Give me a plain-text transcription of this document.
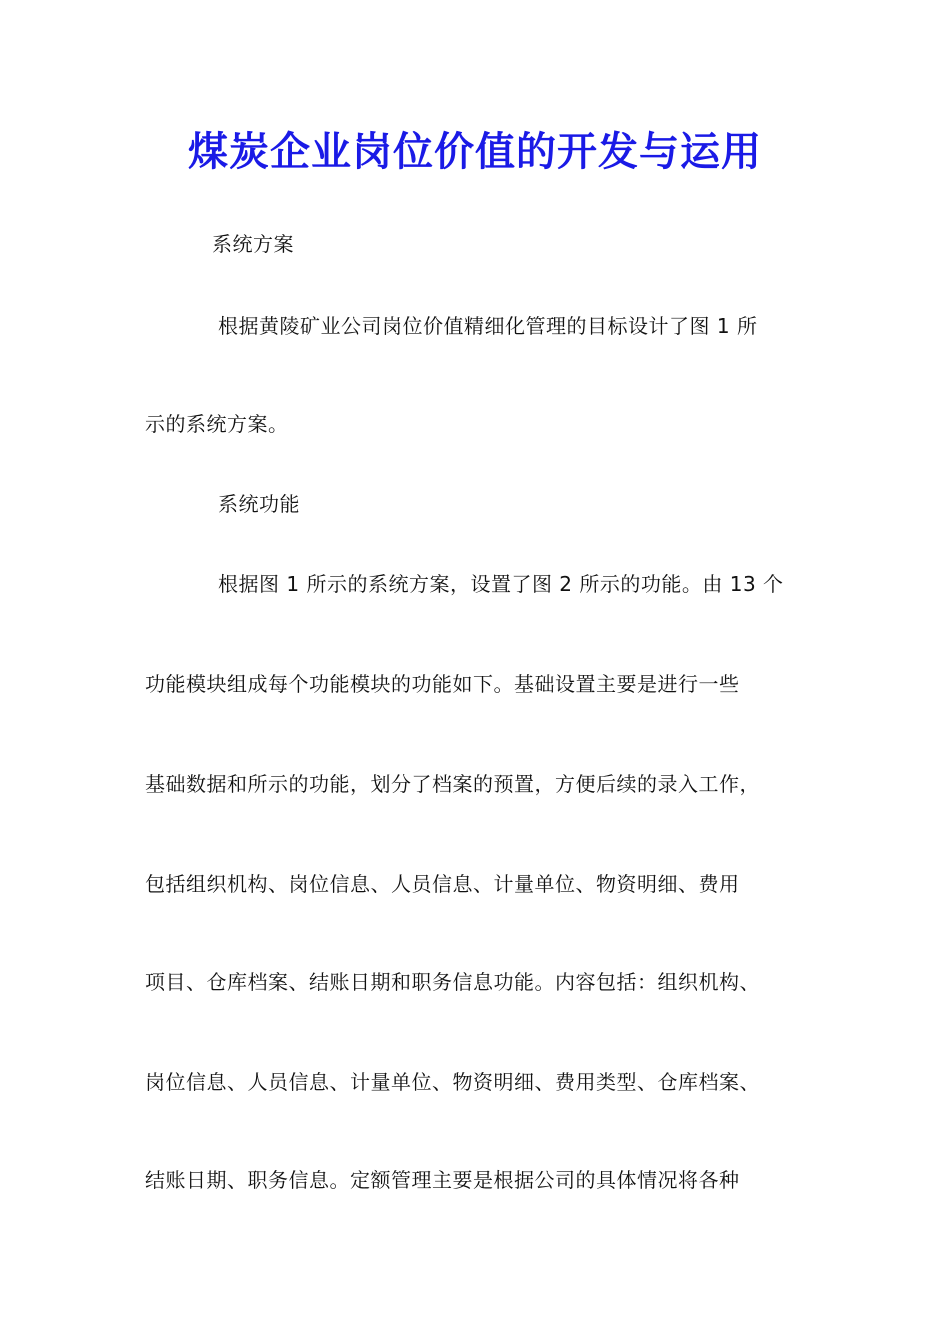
煤炭企业岗位价值的开发与运用

系统方案

根据黄陵矿业公司岗位价值精细化管理的目标设计了图 1 所

示的系统方案。

系统功能

根据图 1 所示的系统方案，设置了图 2 所示的功能。由 13 个

功能模块组成每个功能模块的功能如下。基础设置主要是进行一些

基础数据和所示的功能，划分了档案的预置，方便后续的录入工作，

包括组织机构、岗位信息、人员信息、计量单位、物资明细、费用

项目、仓库档案、结账日期和职务信息功能。内容包括：组织机构、

岗位信息、人员信息、计量单位、物资明细、费用类型、仓库档案、

结账日期、职务信息。定额管理主要是根据公司的具体情况将各种
